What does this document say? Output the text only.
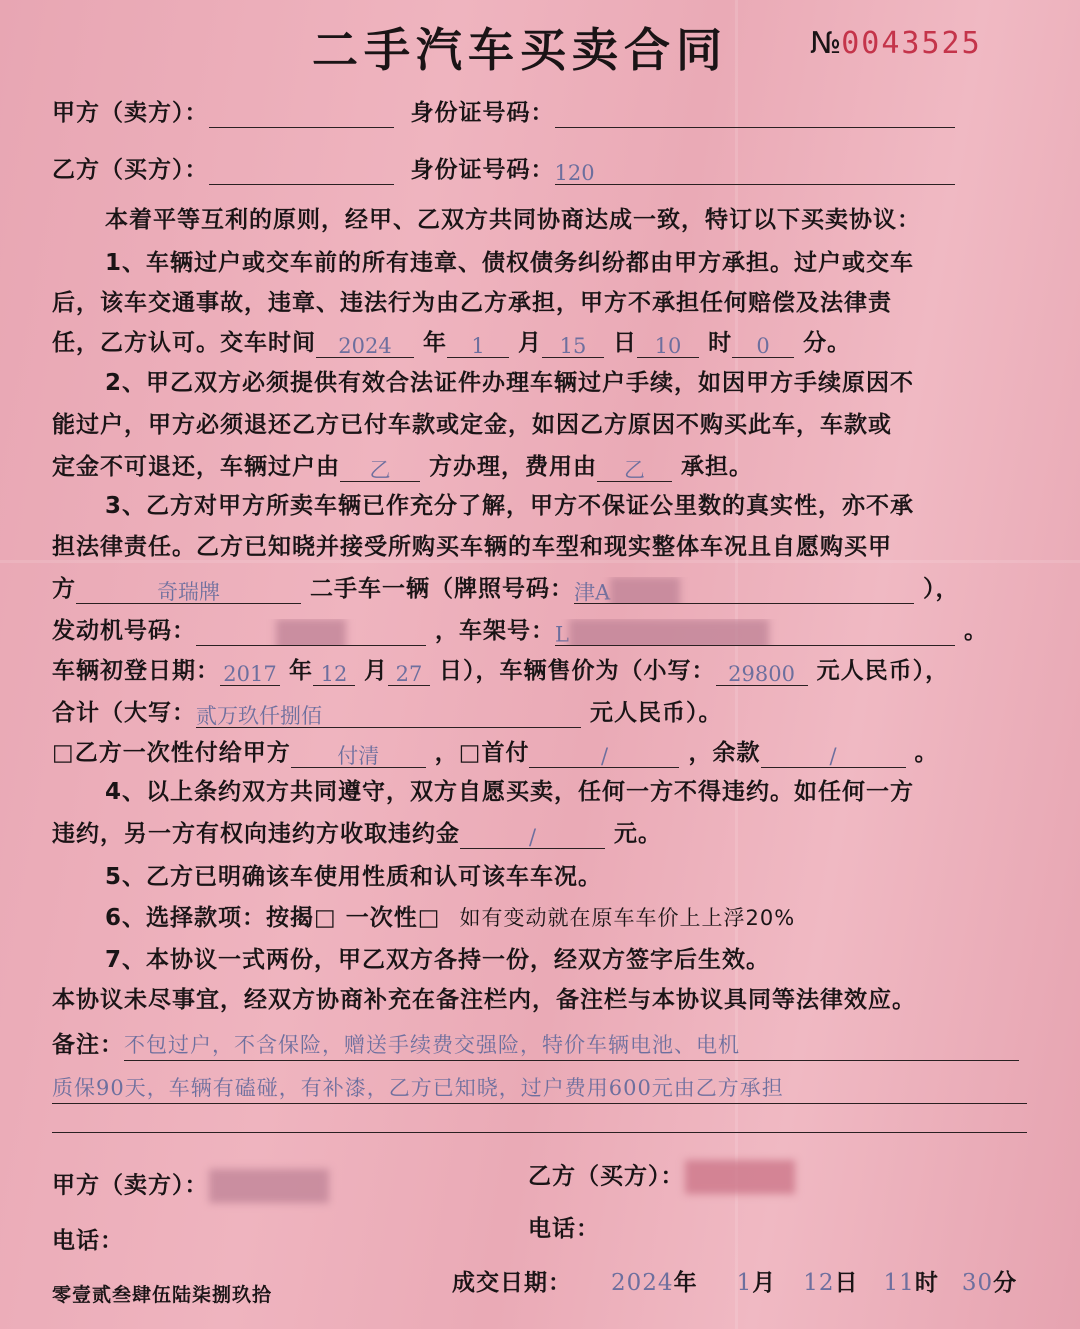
二手汽车买卖合同	№0043525
甲方（卖方）：	身份证号码：
乙方（买方）：	身份证号码：120
本着平等互利的原则，经甲、乙双方共同协商达成一致，特订以下买卖协议：
1、车辆过户或交车前的所有违章、债权债务纠纷都由甲方承担。过户或交车
后，该车交通事故，违章、违法行为由乙方承担，甲方不承担任何赔偿及法律责
任，乙方认可。交车时间 2024 年 1 月 15 日 10 时 0 分。
2、甲乙双方必须提供有效合法证件办理车辆过户手续，如因甲方手续原因不
能过户，甲方必须退还乙方已付车款或定金，如因乙方原因不购买此车，车款或
定金不可退还，车辆过户由 乙 方办理，费用由 乙 承担。
3、乙方对甲方所卖车辆已作充分了解，甲方不保证公里数的真实性，亦不承
担法律责任。乙方已知晓并接受所购买车辆的车型和现实整体车况且自愿购买甲
方	奇瑞牌	二手车一辆（牌照号码：津A	），
发动机号码：	，车架号：L	。
车辆初登日期： 2017 年 12 月 27 日），车辆售价为（小写： 29800 元人民币），
合计（大写：贰万玖仟捌佰	元人民币）。
□乙方一次性付给甲方 付清 ，□首付	/	，余款	/	。
4、以上条约双方共同遵守，双方自愿买卖，任何一方不得违约。如任何一方
违约，另一方有权向违约方收取违约金	/	元。
5、乙方已明确该车使用性质和认可该车车况。
6、选择款项：按揭□ 一次性□ 如有变动就在原车车价上上浮20%
7、本协议一式两份，甲乙双方各持一份，经双方签字后生效。
本协议未尽事宜，经双方协商补充在备注栏内，备注栏与本协议具同等法律效应。
备注：不包过户，不含保险，赠送手续费交强险，特价车辆电池、电机
质保90天，车辆有磕碰，有补漆，乙方已知晓，过户费用600元由乙方承担
甲方（卖方）：	乙方（买方）：
电话：	电话：
零壹贰叁肆伍陆柒捌玖拾	成交日期： 2024年 1月 12日 11时 30分
